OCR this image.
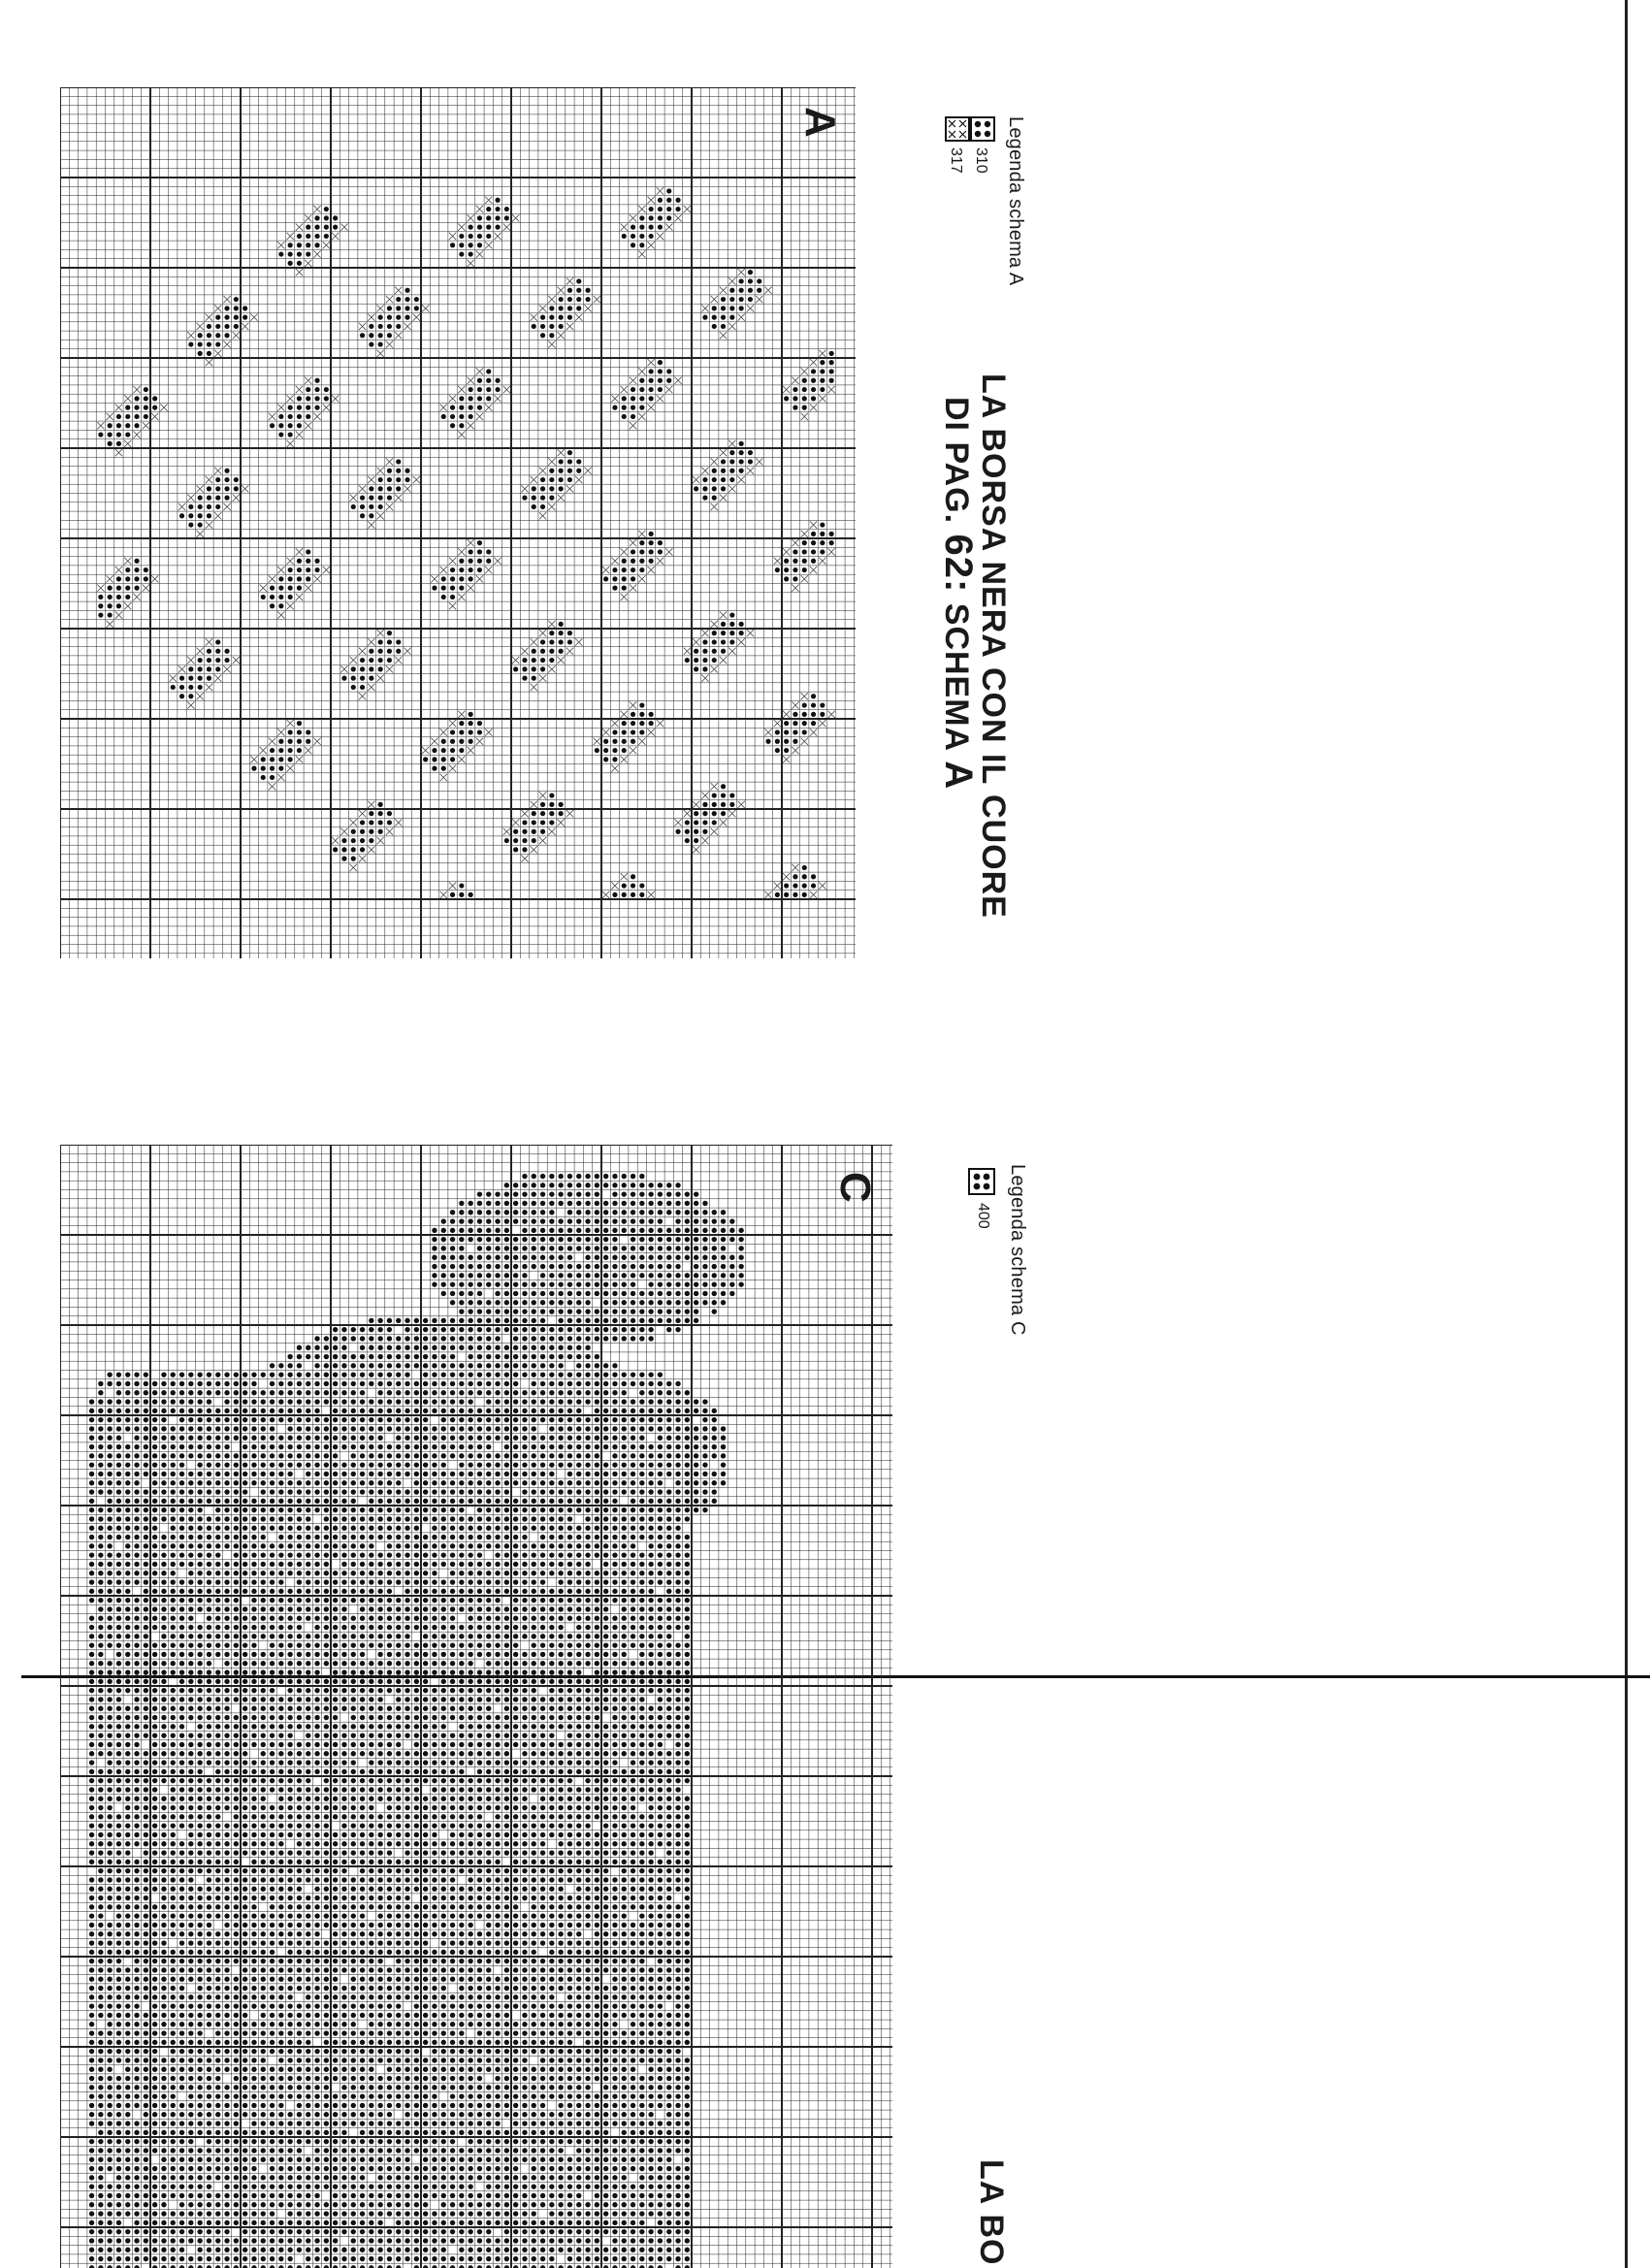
A
LA BORSA NERA CON IL CUORE
DI PAG. 62: SCHEMA A
Legenda schema A
310
317
C	Legenda schema C
400
LA BO
